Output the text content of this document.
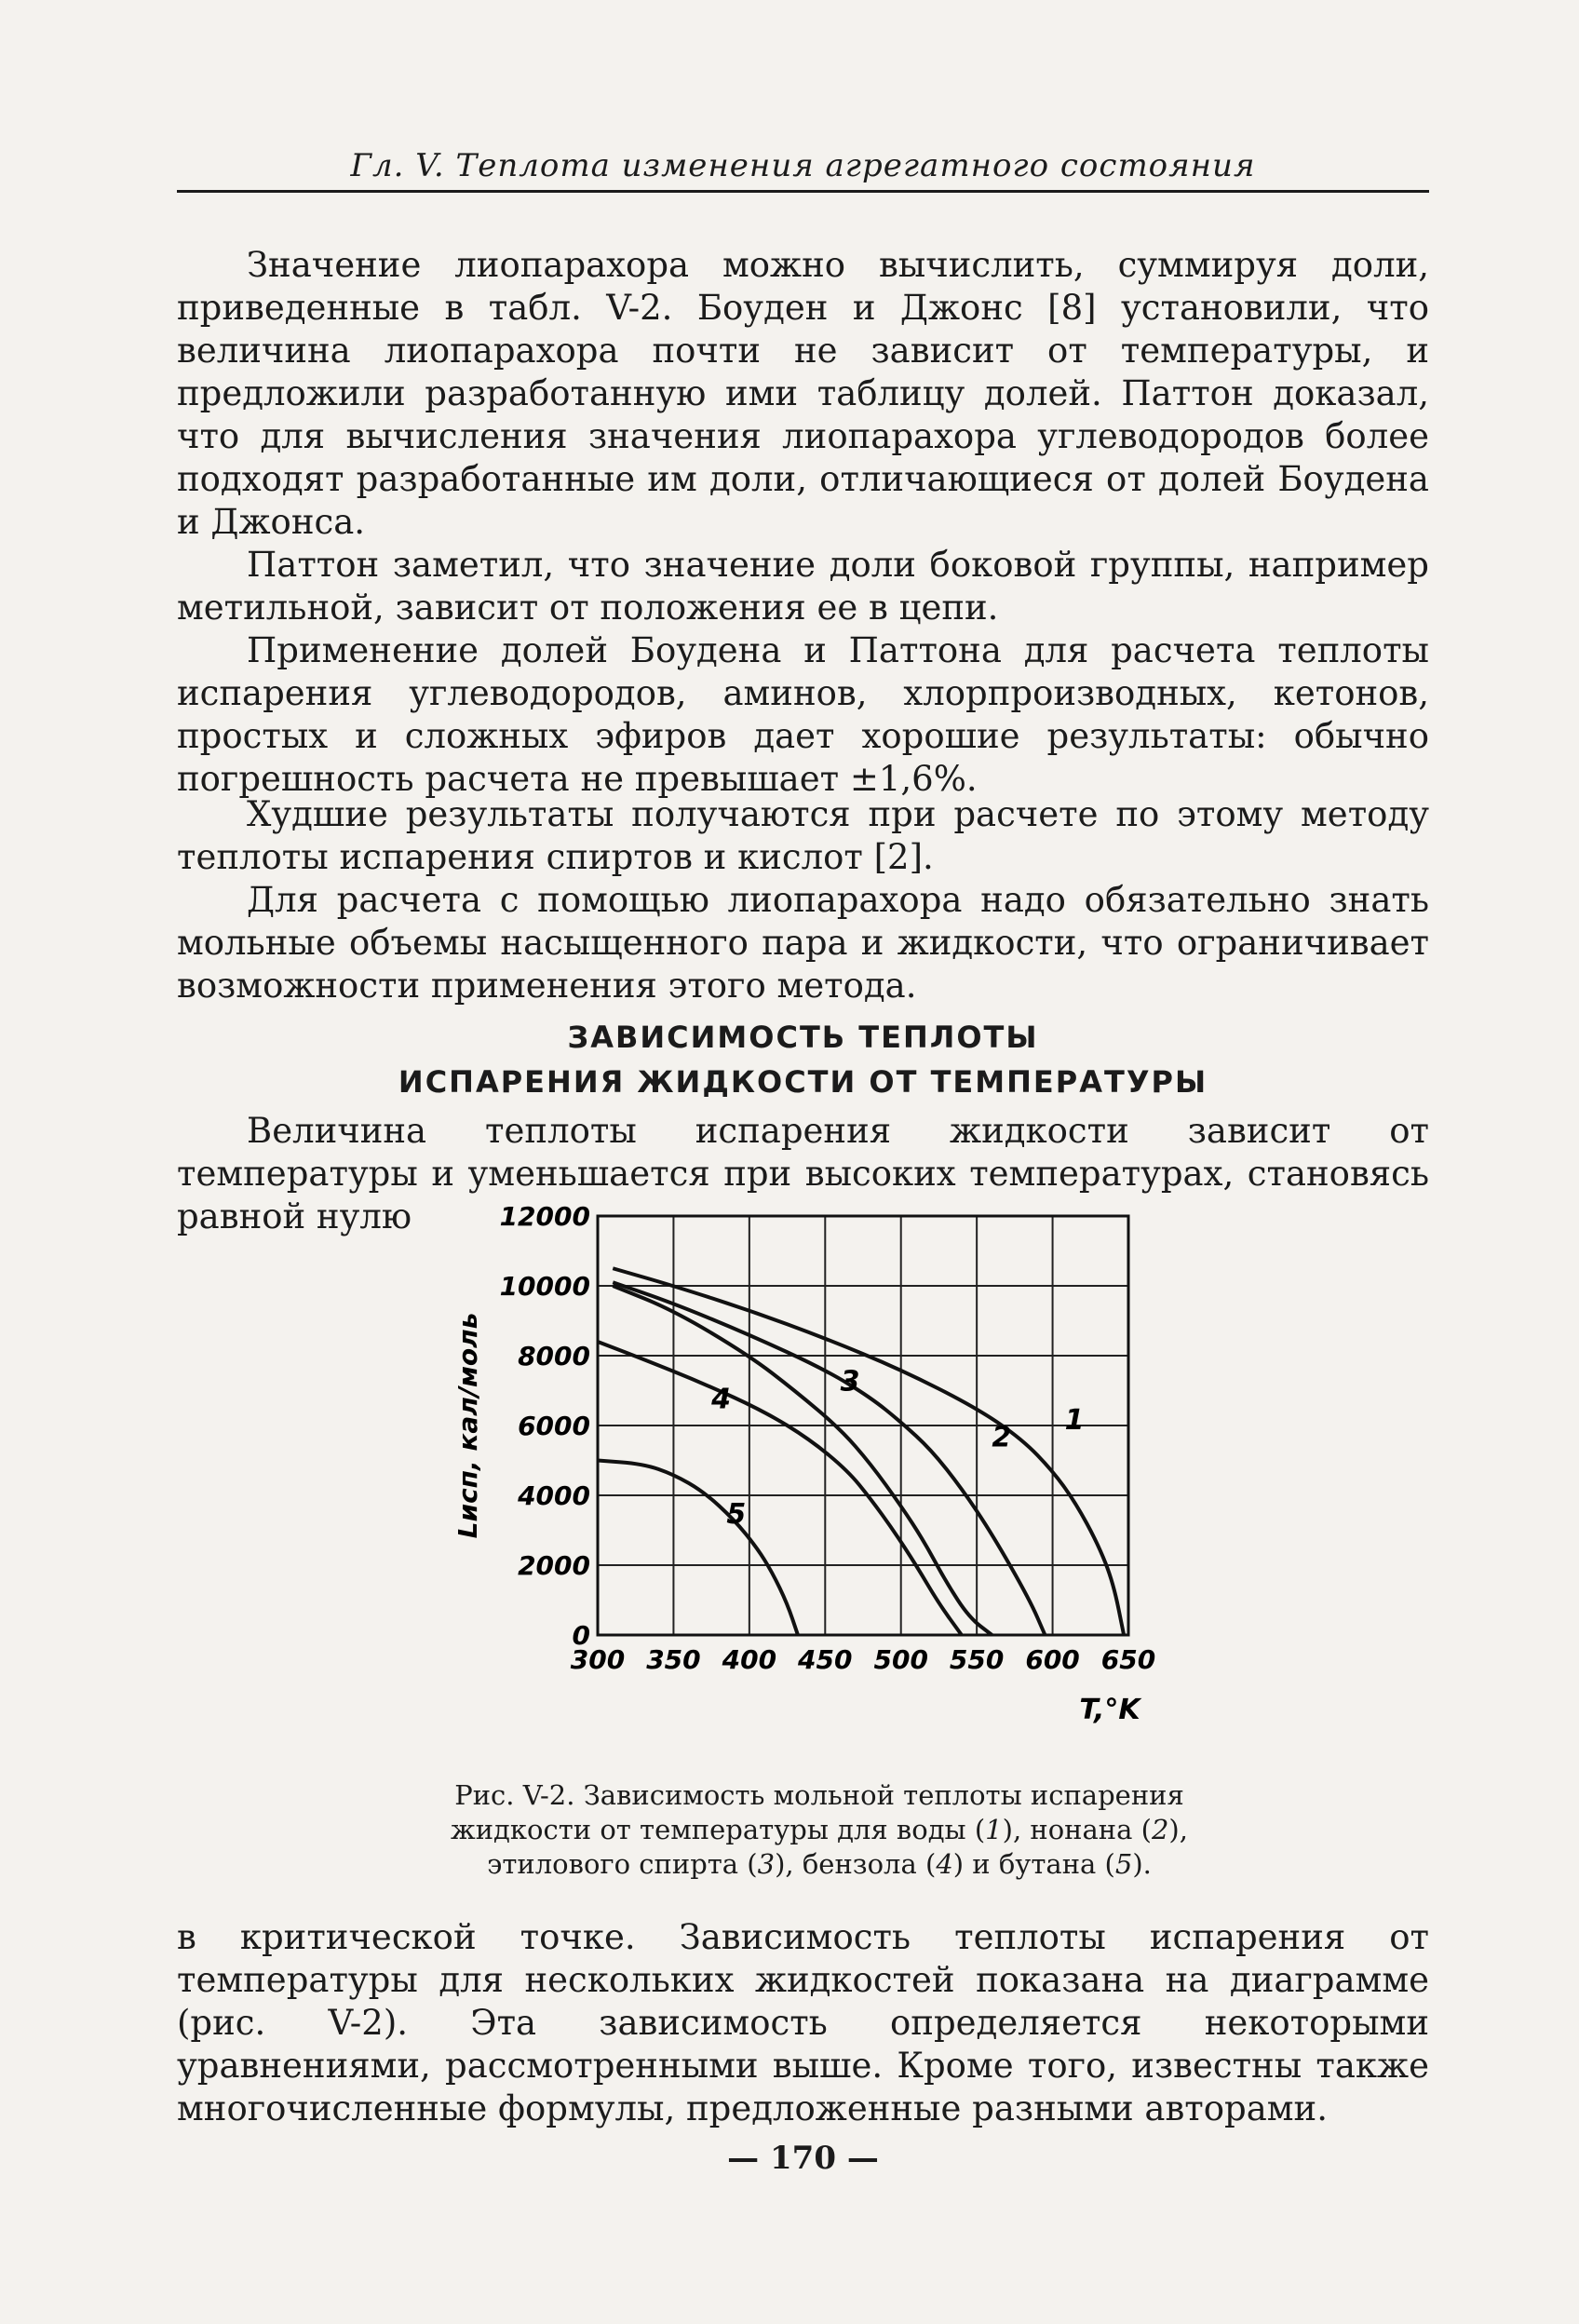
Гл. V. Теплота изменения агрегатного состояния

Значение лиопарахора можно вычислить, суммируя доли, приведенные в табл. V-2. Боуден и Джонс [8] установили, что величина лиопарахора почти не зависит от температуры, и предложили разработанную ими таблицу долей. Паттон доказал, что для вычисления значения лиопарахора углеводородов более подходят разработанные им доли, отличающиеся от долей Боудена и Джонса.

Паттон заметил, что значение доли боковой группы, например метильной, зависит от положения ее в цепи.

Применение долей Боудена и Паттона для расчета теплоты испарения углеводородов, аминов, хлорпроизводных, кетонов, простых и сложных эфиров дает хорошие результаты: обычно погрешность расчета не превышает ±1,6%.

Худшие результаты получаются при расчете по этому методу теплоты испарения спиртов и кислот [2].

Для расчета с помощью лиопарахора надо обязательно знать мольные объемы насыщенного пара и жидкости, что ограничивает возможности применения этого метода.

ЗАВИСИМОСТЬ ТЕПЛОТЫ
ИСПАРЕНИЯ ЖИДКОСТИ ОТ ТЕМПЕРАТУРЫ

Величина теплоты испарения жидкости зависит от температуры и уменьшается при высоких температурах, становясь равной нулю

1
2
3
4
5
0
2000
4000
6000
8000
10000
12000
300 350 400 450 500 550 600 650
Lисп, кал/моль
T,°K
Рис. V-2. Зависимость мольной теплоты испарения жидкости от температуры для воды (1), нонана (2), этилового спирта (3), бензола (4) и бутана (5).

в критической точке. Зависимость теплоты испарения от температуры для нескольких жидкостей показана на диаграмме (рис. V-2). Эта зависимость определяется некоторыми уравнениями, рассмотренными выше. Кроме того, известны также многочисленные формулы, предложенные разными авторами.

— 170 —
